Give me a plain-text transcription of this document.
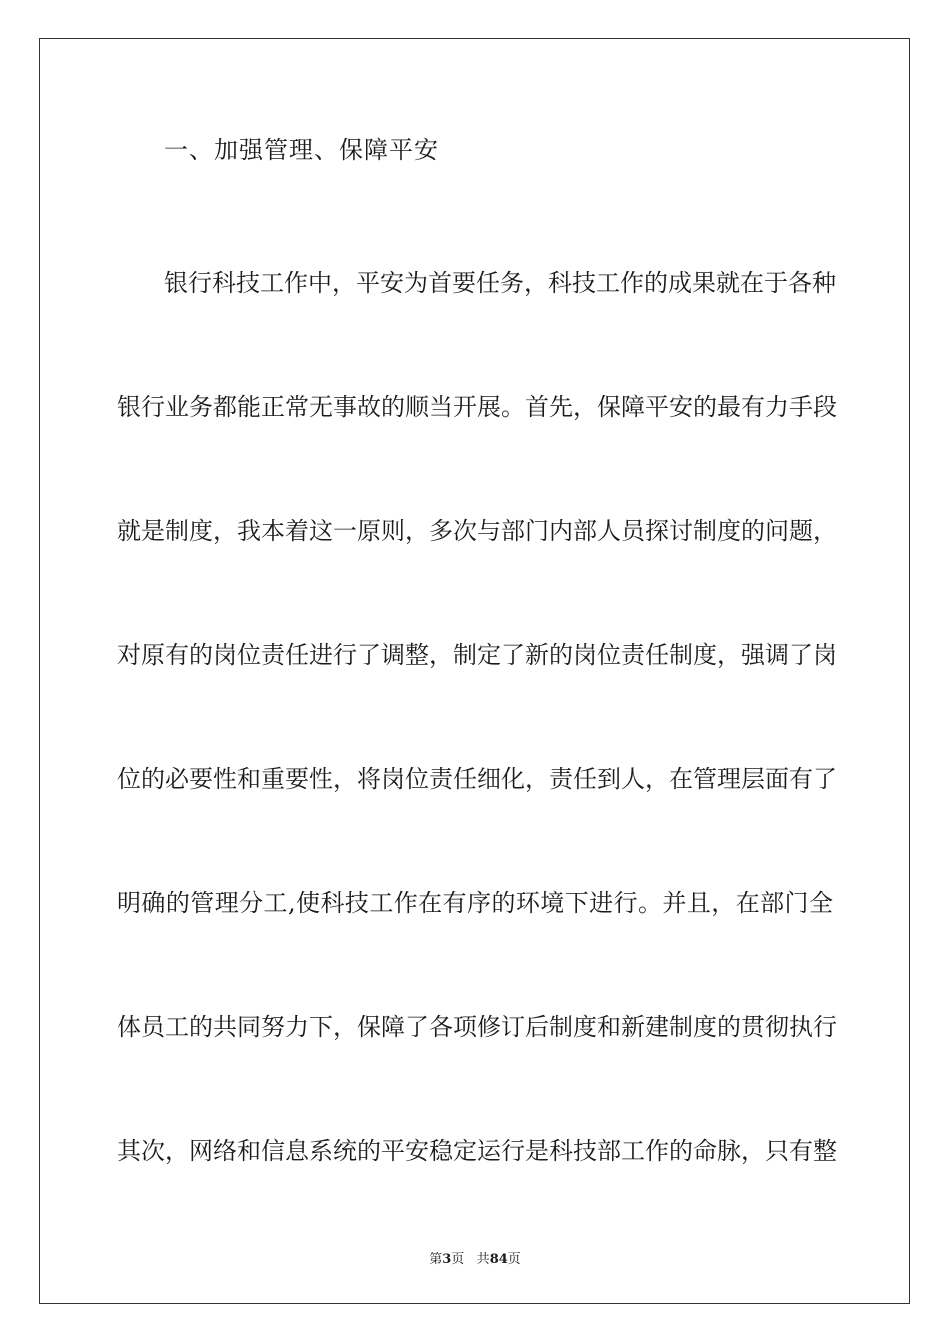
一、加强管理、保障平安
银行科技工作中，平安为首要任务，科技工作的成果就在于各种
银行业务都能正常无事故的顺当开展。首先，保障平安的最有力手段
就是制度，我本着这一原则，多次与部门内部人员探讨制度的问题，
对原有的岗位责任进行了调整，制定了新的岗位责任制度，强调了岗
位的必要性和重要性，将岗位责任细化，责任到人，在管理层面有了
明确的管理分工,使科技工作在有序的环境下进行。并且，在部门全
体员工的共同努力下，保障了各项修订后制度和新建制度的贯彻执行
其次，网络和信息系统的平安稳定运行是科技部工作的命脉，只有整
第3页 共84页
